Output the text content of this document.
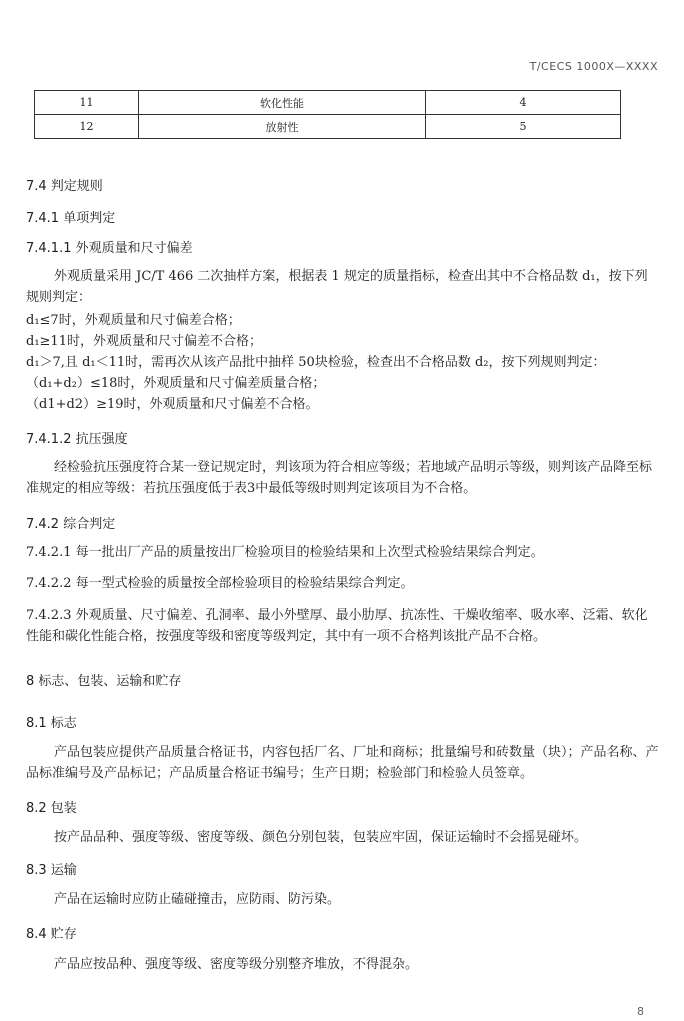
T/CECS 1000X—XXXX
11	软化性能	4
12	放射性	5
7.4 判定规则
7.4.1 单项判定
7.4.1.1 外观质量和尺寸偏差
外观质量采用 JC/T 466 二次抽样方案，根据表 1 规定的质量指标，检查出其中不合格品数 d₁，按下列规则判定：
d₁≤7时，外观质量和尺寸偏差合格；
d₁≥11时，外观质量和尺寸偏差不合格；
d₁＞7,且 d₁＜11时，需再次从该产品批中抽样 50块检验，检查出不合格品数 d₂，按下列规则判定：
（d₁+d₂）≤18时，外观质量和尺寸偏差质量合格；
（d1+d2）≥19时，外观质量和尺寸偏差不合格。
7.4.1.2 抗压强度
经检验抗压强度符合某一登记规定时，判该项为符合相应等级；若地域产品明示等级，则判该产品降至标准规定的相应等级：若抗压强度低于表3中最低等级时则判定该项目为不合格。
7.4.2 综合判定
7.4.2.1 每一批出厂产品的质量按出厂检验项目的检验结果和上次型式检验结果综合判定。
7.4.2.2 每一型式检验的质量按全部检验项目的检验结果综合判定。
7.4.2.3 外观质量、尺寸偏差、孔洞率、最小外壁厚、最小肋厚、抗冻性、干燥收缩率、吸水率、泛霜、软化性能和碳化性能合格，按强度等级和密度等级判定，其中有一项不合格判该批产品不合格。
8 标志、包装、运输和贮存
8.1 标志
产品包装应提供产品质量合格证书，内容包括厂名、厂址和商标；批量编号和砖数量（块）；产品名称、产品标准编号及产品标记；产品质量合格证书编号；生产日期；检验部门和检验人员签章。
8.2 包装
按产品品种、强度等级、密度等级、颜色分别包装，包装应牢固，保证运输时不会摇晃碰坏。
8.3 运输
产品在运输时应防止磕碰撞击，应防雨、防污染。
8.4 贮存
产品应按品种、强度等级、密度等级分别整齐堆放，不得混杂。
8
